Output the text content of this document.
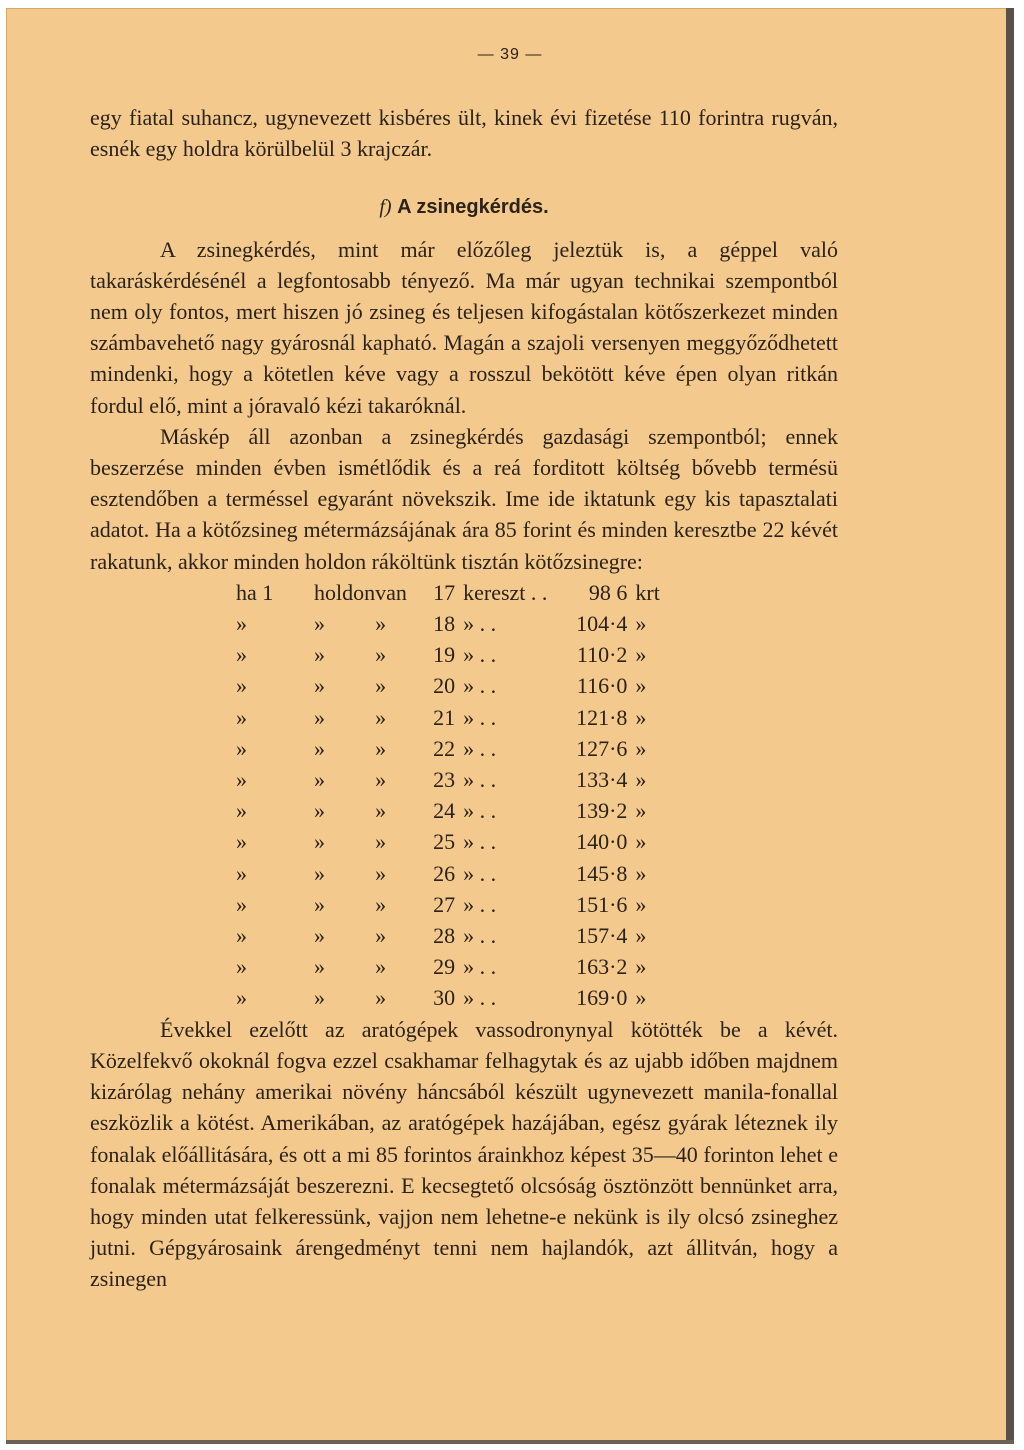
— 39 —

egy fiatal suhancz, ugynevezett kisbéres ült, kinek évi fizetése 110 forintra rugván, esnék egy holdra körülbelül 3 krajczár.

f) A zsinegkérdés.

A zsinegkérdés, mint már előzőleg jeleztük is, a géppel való takaráskérdésénél a legfontosabb tényező. Ma már ugyan technikai szempontból nem oly fontos, mert hiszen jó zsineg és teljesen kifogástalan kötőszerkezet minden számbavehető nagy gyárosnál kapható. Magán a szajoli versenyen meggyőződhetett mindenki, hogy a kötetlen kéve vagy a rosszul bekötött kéve épen olyan ritkán fordul elő, mint a jóravaló kézi takaróknál.

Máskép áll azonban a zsinegkérdés gazdasági szempontból; ennek beszerzése minden évben ismétlődik és a reá forditott költség bővebb termésü esztendőben a terméssel egyaránt növekszik. Ime ide iktatunk egy kis tapasztalati adatot. Ha a kötőzsineg métermázsájának ára 85 forint és minden keresztbe 22 kévét rakatunk, akkor minden holdon ráköltünk tisztán kötőzsinegre:

ha 1	holdon	van	17	kereszt . .	98 6	krt
»	»	»	18	» . .	104·4	»
»	»	»	19	» . .	110·2	»
»	»	»	20	» . .	116·0	»
»	»	»	21	» . .	121·8	»
»	»	»	22	» . .	127·6	»
»	»	»	23	» . .	133·4	»
»	»	»	24	» . .	139·2	»
»	»	»	25	» . .	140·0	»
»	»	»	26	» . .	145·8	»
»	»	»	27	» . .	151·6	»
»	»	»	28	» . .	157·4	»
»	»	»	29	» . .	163·2	»
»	»	»	30	» . .	169·0	»

Évekkel ezelőtt az aratógépek vassodronynyal kötötték be a kévét. Közelfekvő okoknál fogva ezzel csakhamar felhagytak és az ujabb időben majdnem kizárólag nehány amerikai növény háncsából készült ugynevezett manila-fonallal eszközlik a kötést. Amerikában, az aratógépek hazájában, egész gyárak léteznek ily fonalak előállitására, és ott a mi 85 forintos árainkhoz képest 35—40 forinton lehet e fonalak métermázsáját beszerezni. E kecsegtető olcsóság ösztönzött bennünket arra, hogy minden utat felkeressünk, vajjon nem lehetne-e nekünk is ily olcsó zsineghez jutni. Gépgyárosaink árengedményt tenni nem hajlandók, azt állitván, hogy a zsinegen
